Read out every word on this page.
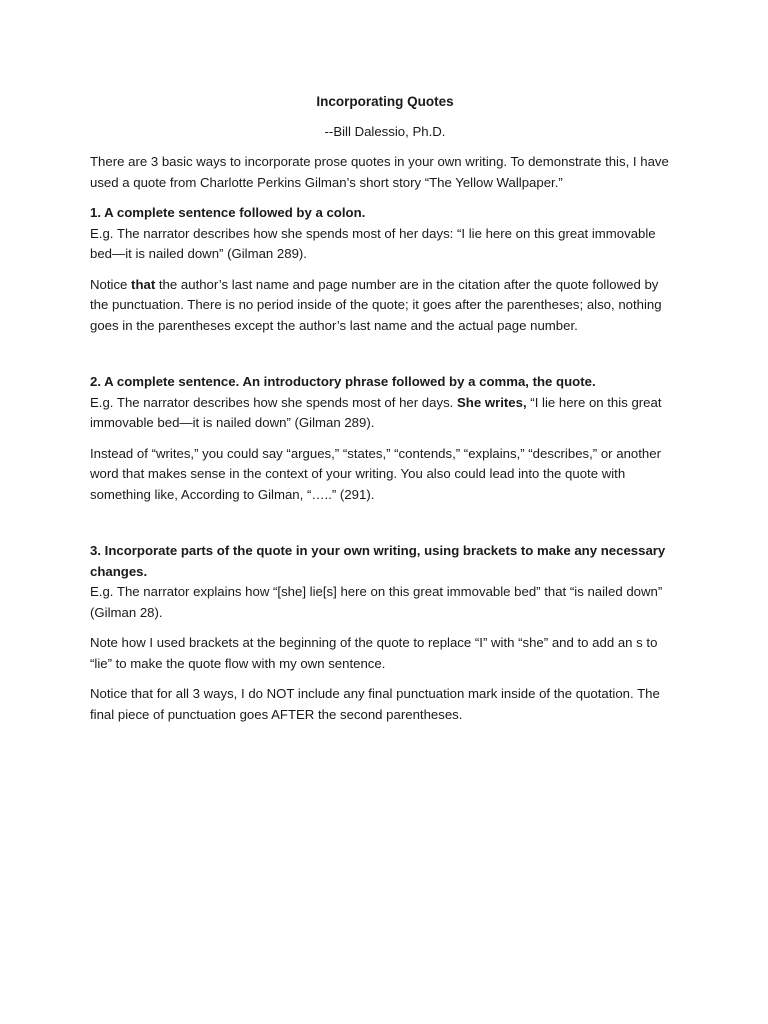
Incorporating Quotes
--Bill Dalessio, Ph.D.

There are 3 basic ways to incorporate prose quotes in your own writing. To demonstrate this, I have used a quote from Charlotte Perkins Gilman’s short story “The Yellow Wallpaper.”

1. A complete sentence followed by a colon.

E.g. The narrator describes how she spends most of her days: “I lie here on this great immovable bed—it is nailed down” (Gilman 289).

Notice that the author’s last name and page number are in the citation after the quote followed by the punctuation. There is no period inside of the quote; it goes after the parentheses; also, nothing goes in the parentheses except the author’s last name and the actual page number.

2. A complete sentence. An introductory phrase followed by a comma, the quote.

E.g. The narrator describes how she spends most of her days. She writes, “I lie here on this great immovable bed—it is nailed down” (Gilman 289).

Instead of “writes,” you could say “argues,” “states,” “contends,” “explains,” “describes,” or another word that makes sense in the context of your writing. You also could lead into the quote with something like, According to Gilman, “…..” (291).

3. Incorporate parts of the quote in your own writing, using brackets to make any necessary changes.

E.g. The narrator explains how “[she] lie[s] here on this great immovable bed” that “is nailed down” (Gilman 28).

Note how I used brackets at the beginning of the quote to replace “I” with “she” and to add an s to “lie” to make the quote flow with my own sentence.

Notice that for all 3 ways, I do NOT include any final punctuation mark inside of the quotation. The final piece of punctuation goes AFTER the second parentheses.
